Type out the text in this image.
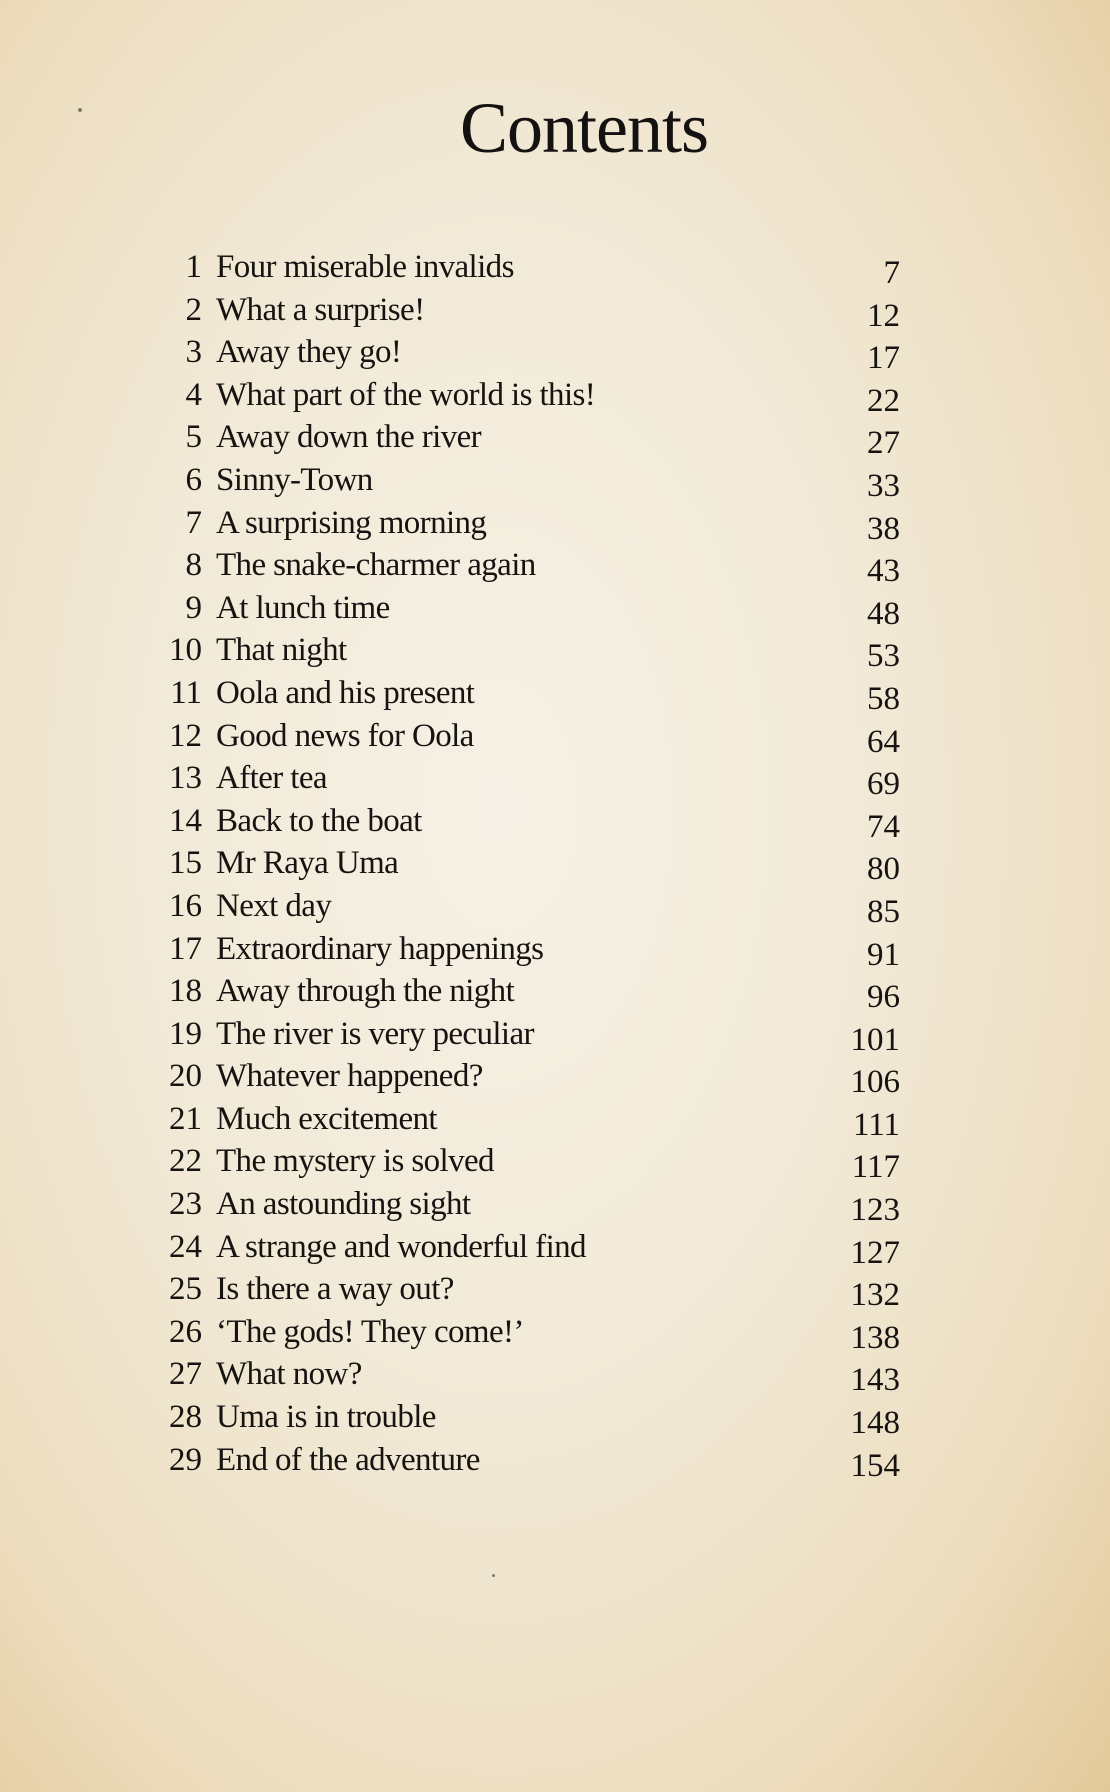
Contents
1 Four miserable invalids	7
2 What a surprise!	12
3 Away they go!	17
4 What part of the world is this!	22
5 Away down the river	27
6 Sinny-Town	33
7 A surprising morning	38
8 The snake-charmer again	43
9 At lunch time	48
10 That night	53
11 Oola and his present	58
12 Good news for Oola	64
13 After tea	69
14 Back to the boat	74
15 Mr Raya Uma	80
16 Next day	85
17 Extraordinary happenings	91
18 Away through the night	96
19 The river is very peculiar	101
20 Whatever happened?	106
21 Much excitement	111
22 The mystery is solved	117
23 An astounding sight	123
24 A strange and wonderful find	127
25 Is there a way out?	132
26 ‘The gods! They come!’	138
27 What now?	143
28 Uma is in trouble	148
29 End of the adventure	154
